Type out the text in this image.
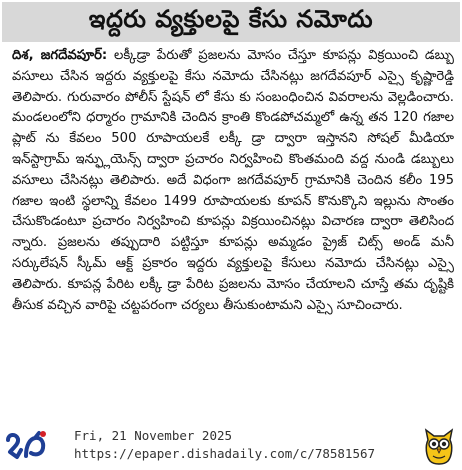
ఇద్దరు వ్యక్తులపై కేసు నమోదు

దిశ, జగదేవపూర్: లక్కీడ్రా పేరుతో ప్రజలను మోసం చేస్తూ కూపన్లు విక్రయించి డబ్బు వసూలు చేసిన ఇద్దరు వ్యక్తులపై కేసు నమోదు చేసినట్లు జగదేవపూర్ ఎస్సై కృష్ణారెడ్డి తెలిపారు. గురువారం పోలీస్ స్టేషన్ లో కేసు కు సంబంధించిన వివరాలను వెల్లడించారు. మండలంలోని ధర్మారం గ్రామానికి చెందిన క్రాంతి కొండపోచమ్మలో ఉన్న తన 120 గజాల ప్లాట్ ను కేవలం 500 రూపాయలకే లక్కీ డ్రా ద్వారా ఇస్తానని సోషల్ మీడియా ఇన్‌స్టాగ్రామ్ ఇన్ఫ్లుయెన్స్ ద్వారా ప్రచారం నిర్వహించి కొంతమంది వద్ద నుండి డబ్బులు వసూలు చేసినట్లు తెలిపారు. అదే విధంగా జగదేవపూర్ గ్రామానికి చెందిన కలీం 195 గజాల ఇంటి స్థలాన్ని కేవలం 1499 రూపాయలకు కూపన్ కొనుక్కొని ఇల్లును సొంతం చేసుకొండంటూ ప్రచారం నిర్వహించి కూపన్లు విక్రయించినట్లు విచారణ ద్వారా తెలిసింద న్నారు. ప్రజలను తప్పుదారి పట్టిస్తూ కూపన్లు అమ్మడం ప్రైజ్ చిట్స్ అండ్ మనీ సర్కులేషన్ స్కీమ్ ఆక్ట్ ప్రకారం ఇద్దరు వ్యక్తులపై కేసులు నమోదు చేసినట్లు ఎస్సై తెలిపారు. కూపన్ల పేరిట లక్కీ డ్రా పేరిట ప్రజలను మోసం చేయాలని చూస్తే తమ దృష్టికి తీసుక వచ్చిన వారిపై చట్టపరంగా చర్యలు తీసుకుంటామని ఎస్సై సూచించారు.

Fri, 21 November 2025
https://epaper.dishadaily.com/c/78581567
